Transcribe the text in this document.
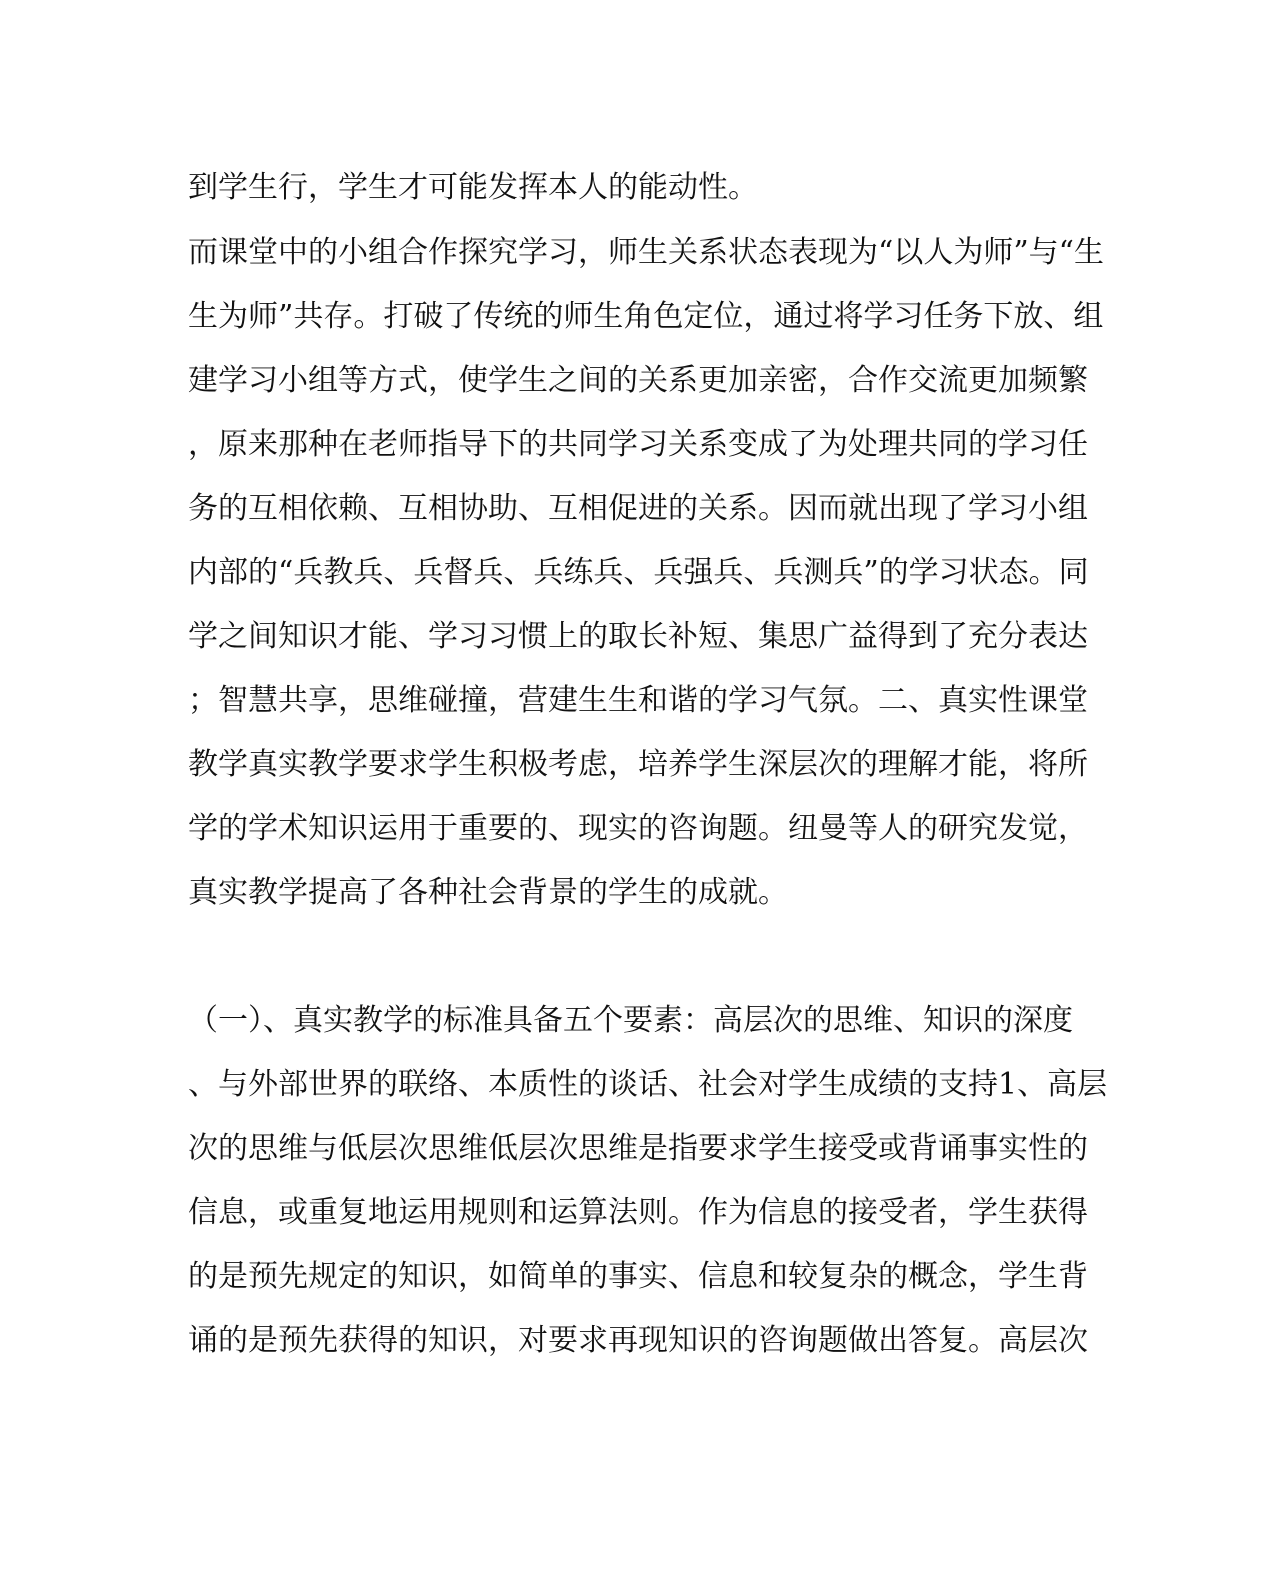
到学生行，学生才可能发挥本人的能动性。
而课堂中的小组合作探究学习，师生关系状态表现为“以人为师”与“生
生为师”共存。打破了传统的师生角色定位，通过将学习任务下放、组
建学习小组等方式，使学生之间的关系更加亲密，合作交流更加频繁
，原来那种在老师指导下的共同学习关系变成了为处理共同的学习任
务的互相依赖、互相协助、互相促进的关系。因而就出现了学习小组
内部的“兵教兵、兵督兵、兵练兵、兵强兵、兵测兵”的学习状态。同
学之间知识才能、学习习惯上的取长补短、集思广益得到了充分表达
；智慧共享，思维碰撞，营建生生和谐的学习气氛。二、真实性课堂
教学真实教学要求学生积极考虑，培养学生深层次的理解才能，将所
学的学术知识运用于重要的、现实的咨询题。纽曼等人的研究发觉，
真实教学提高了各种社会背景的学生的成就。
（一）、真实教学的标准具备五个要素：高层次的思维、知识的深度
、与外部世界的联络、本质性的谈话、社会对学生成绩的支持1、高层
次的思维与低层次思维低层次思维是指要求学生接受或背诵事实性的
信息，或重复地运用规则和运算法则。作为信息的接受者，学生获得
的是预先规定的知识，如简单的事实、信息和较复杂的概念，学生背
诵的是预先获得的知识，对要求再现知识的咨询题做出答复。高层次
